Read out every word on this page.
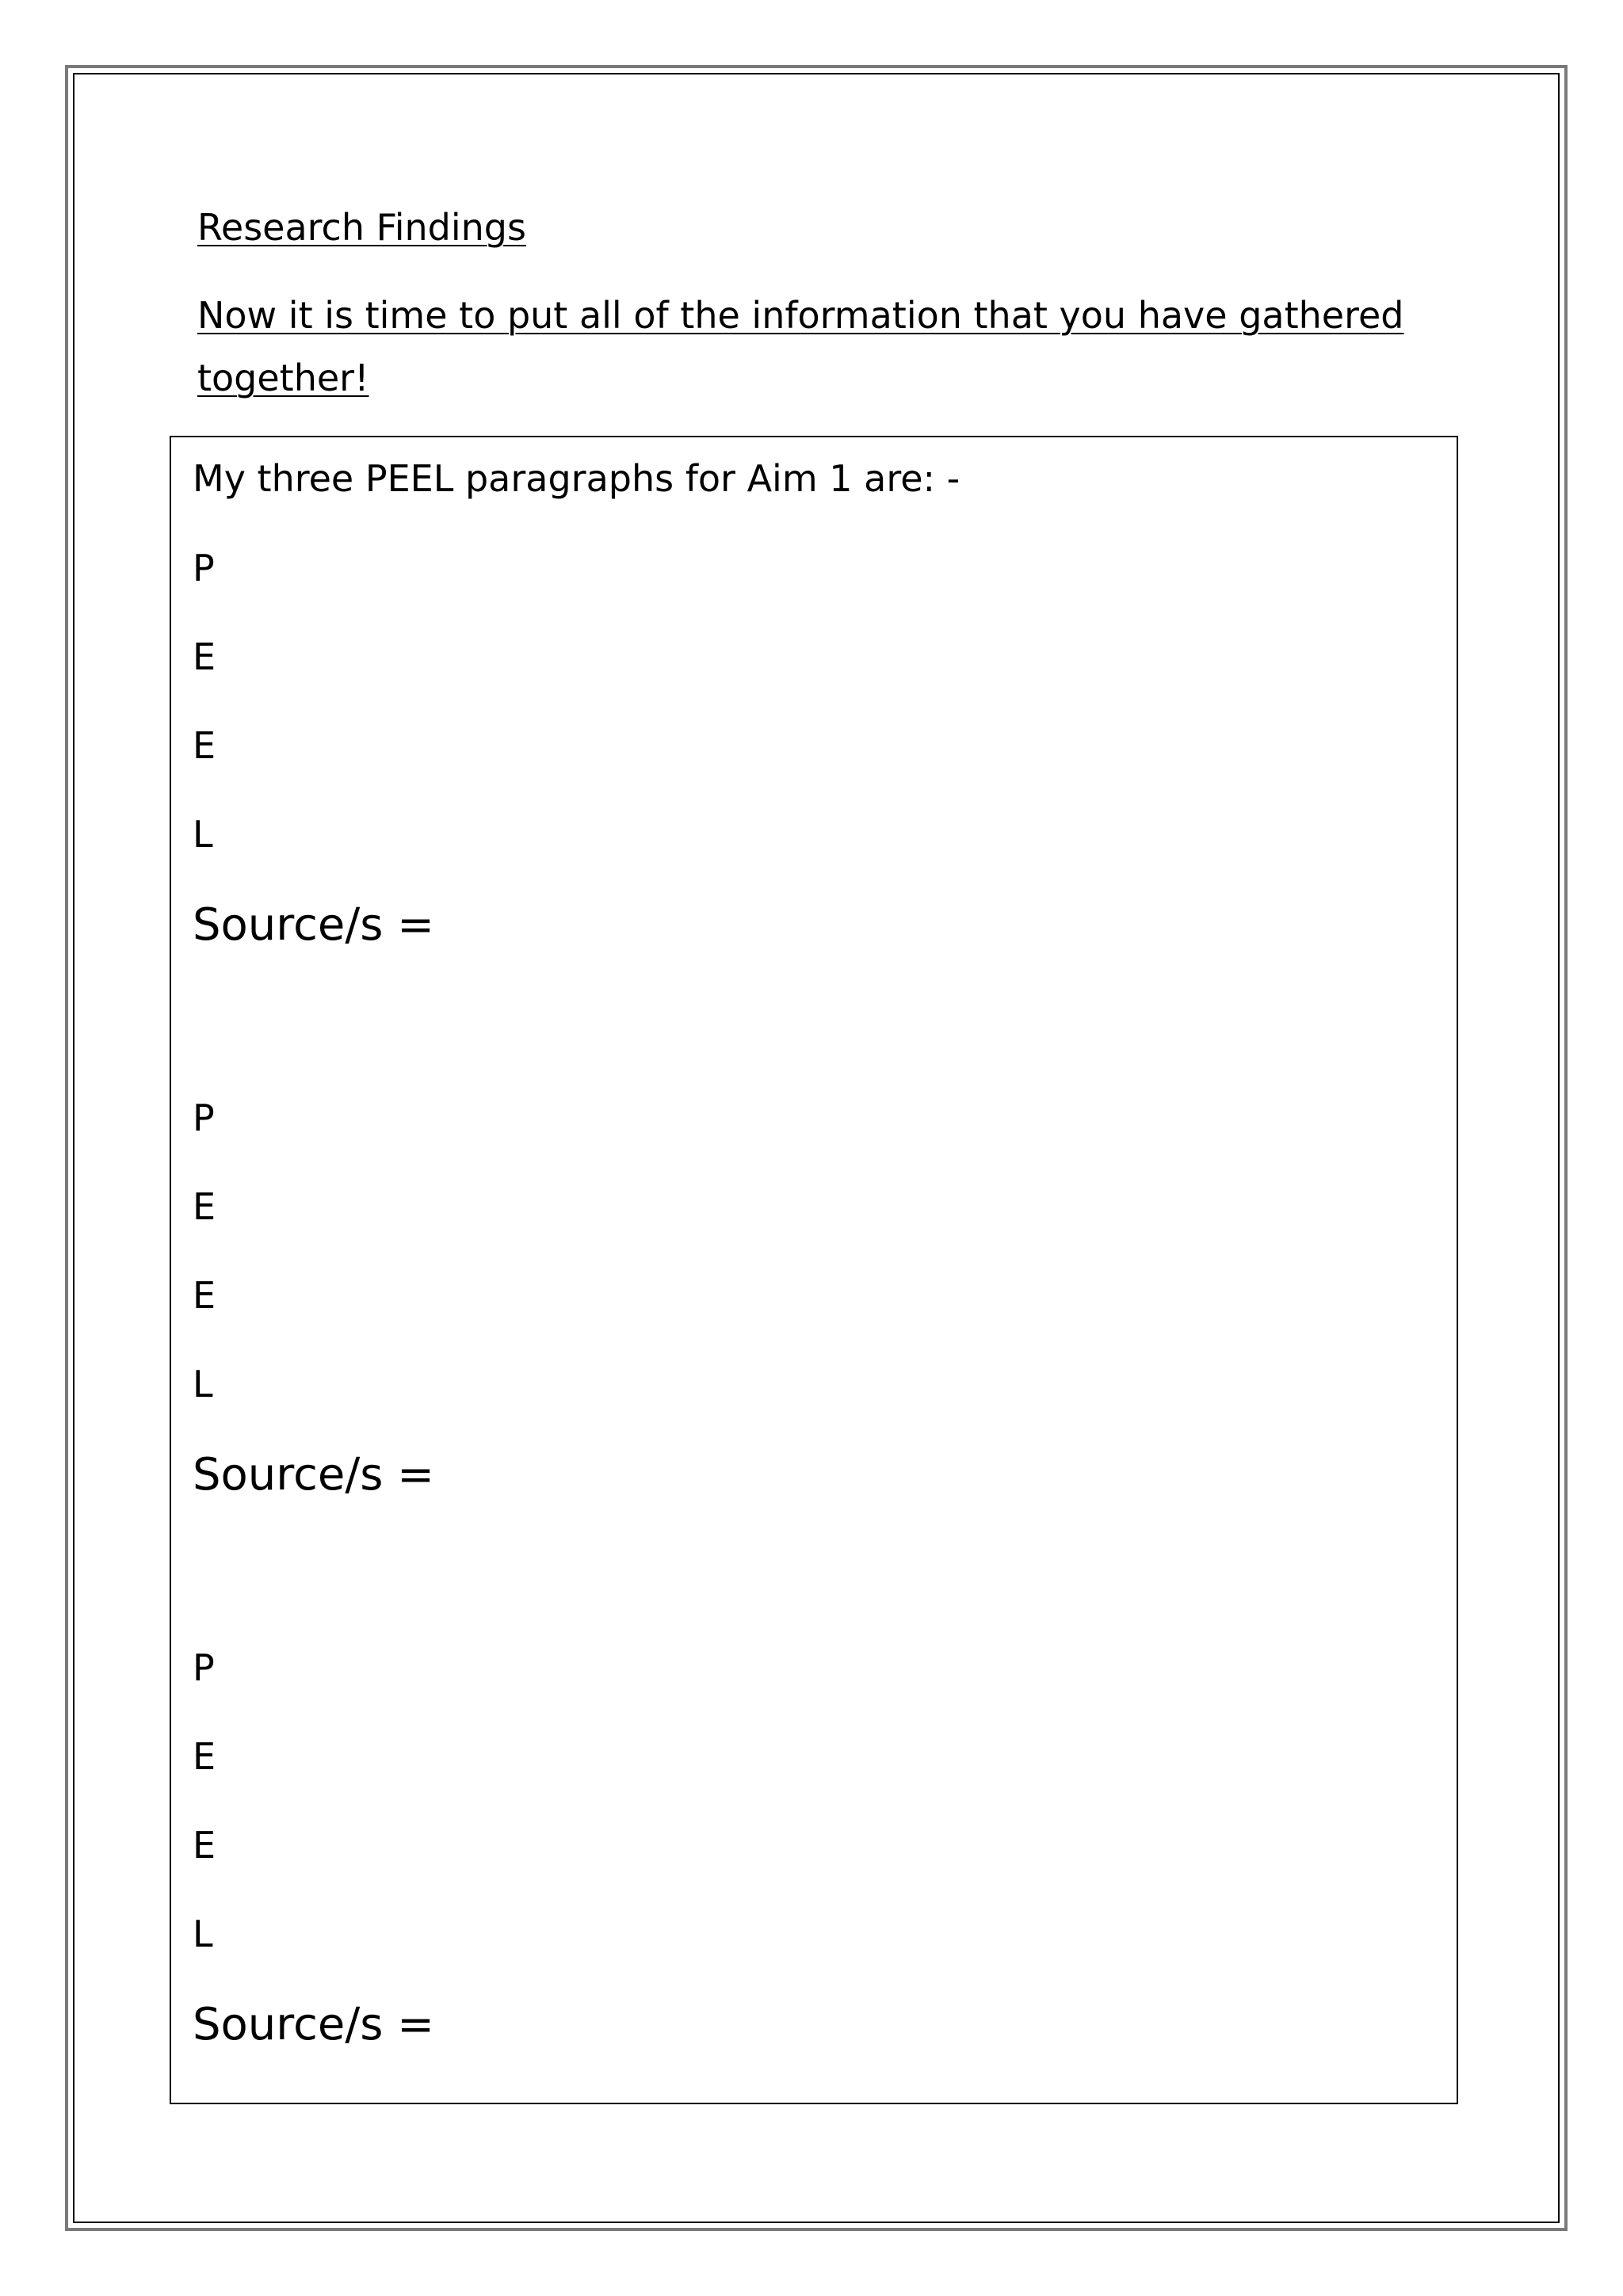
Research Findings
Now it is time to put all of the information that you have gathered
together!
My three PEEL paragraphs for Aim 1 are: -
P
E
E
L
Source/s =
P
E
E
L
Source/s =
P
E
E
L
Source/s =
